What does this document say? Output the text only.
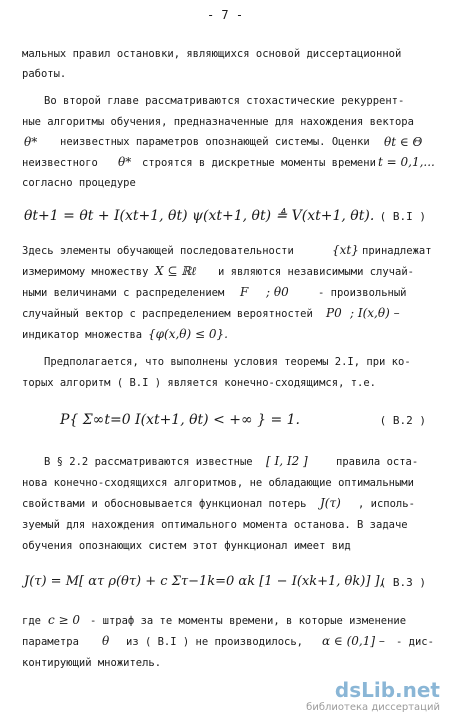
- 7 -
мальных правил остановки, являющихся основой диссертационной
работы.
Во второй главе рассматриваются стохастические рекуррент-
ные алгоритмы обучения, предназначенные для нахождения вектора
θ* неизвестных параметров опознающей системы. Оценки θt ∈ Θ
неизвестного θ* строятся в дискретные моменты времени t = 0,1,...
согласно процедуре
θt+1 = θt + I(xt+1, θt) ψ(xt+1, θt) ≜ V(xt+1, θt). ( В.I )
Здесь элементы обучающей последовательности	{xt} принадлежат
измеримому множеству X ⊆ ℝℓ и являются независимыми случай-
ными величинами с распределением F ; θ0	- произвольный
случайный вектор с распределением вероятностей P0 ; I(x,θ) –
индикатор множества {φ(x,θ) ≤ 0}.
Предполагается, что выполнены условия теоремы 2.I, при ко-
торых алгоритм ( В.I ) является конечно-сходящимся, т.е.
P{ Σ∞t=0 I(xt+1, θt) < +∞ } = 1.	( В.2 )
В § 2.2 рассматриваются известные [ I, I2 ]	правила оста-
нова конечно-сходящихся алгоритмов, не обладающие оптимальными
свойствами и обосновывается функционал потерь J(τ) , исполь-
зуемый для нахождения оптимального момента останова. В задаче
обучения опознающих систем этот функционал имеет вид
J(τ) = M[ ατ ρ(θτ) + c Στ−1k=0 αk [1 − I(xk+1, θk)] ],
( В.3 )
где c ≥ 0 - штраф за те моменты времени, в которые изменение
параметра θ из ( В.I ) не производилось, α ∈ (0,1] – - дис-
контирующий множитель.
dsLib.net
библиотека диссертаций
